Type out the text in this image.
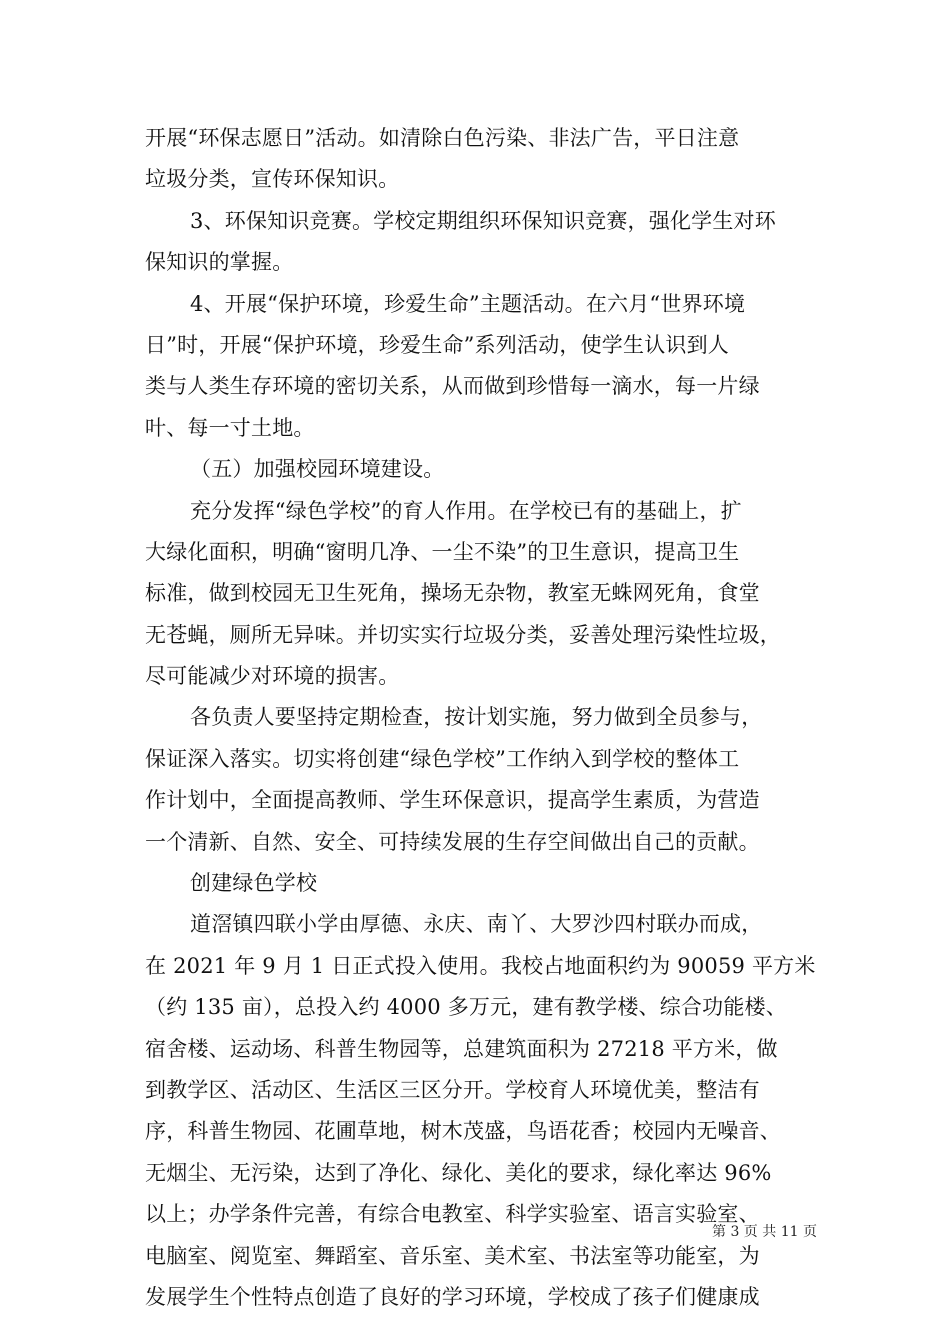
开展“环保志愿日”活动。如清除白色污染、非法广告，平日注意
垃圾分类，宣传环保知识。
3、环保知识竞赛。学校定期组织环保知识竞赛，强化学生对环
保知识的掌握。
4、开展“保护环境，珍爱生命”主题活动。在六月“世界环境
日”时，开展“保护环境，珍爱生命”系列活动，使学生认识到人
类与人类生存环境的密切关系，从而做到珍惜每一滴水，每一片绿
叶、每一寸土地。
（五）加强校园环境建设。
充分发挥“绿色学校”的育人作用。在学校已有的基础上，扩
大绿化面积，明确“窗明几净、一尘不染”的卫生意识，提高卫生
标准，做到校园无卫生死角，操场无杂物，教室无蛛网死角，食堂
无苍蝇，厕所无异味。并切实实行垃圾分类，妥善处理污染性垃圾，
尽可能减少对环境的损害。
各负责人要坚持定期检查，按计划实施，努力做到全员参与，
保证深入落实。切实将创建“绿色学校”工作纳入到学校的整体工
作计划中，全面提高教师、学生环保意识，提高学生素质，为营造
一个清新、自然、安全、可持续发展的生存空间做出自己的贡献。
创建绿色学校
道滘镇四联小学由厚德、永庆、南丫、大罗沙四村联办而成，
在 2021 年 9 月 1 日正式投入使用。我校占地面积约为 90059 平方米
（约 135 亩），总投入约 4000 多万元，建有教学楼、综合功能楼、
宿舍楼、运动场、科普生物园等，总建筑面积为 27218 平方米，做
到教学区、活动区、生活区三区分开。学校育人环境优美，整洁有
序，科普生物园、花圃草地，树木茂盛，鸟语花香；校园内无噪音、
无烟尘、无污染，达到了净化、绿化、美化的要求，绿化率达 96%
以上；办学条件完善，有综合电教室、科学实验室、语言实验室、
电脑室、阅览室、舞蹈室、音乐室、美术室、书法室等功能室，为
发展学生个性特点创造了良好的学习环境，学校成了孩子们健康成
第 3 页 共 11 页
